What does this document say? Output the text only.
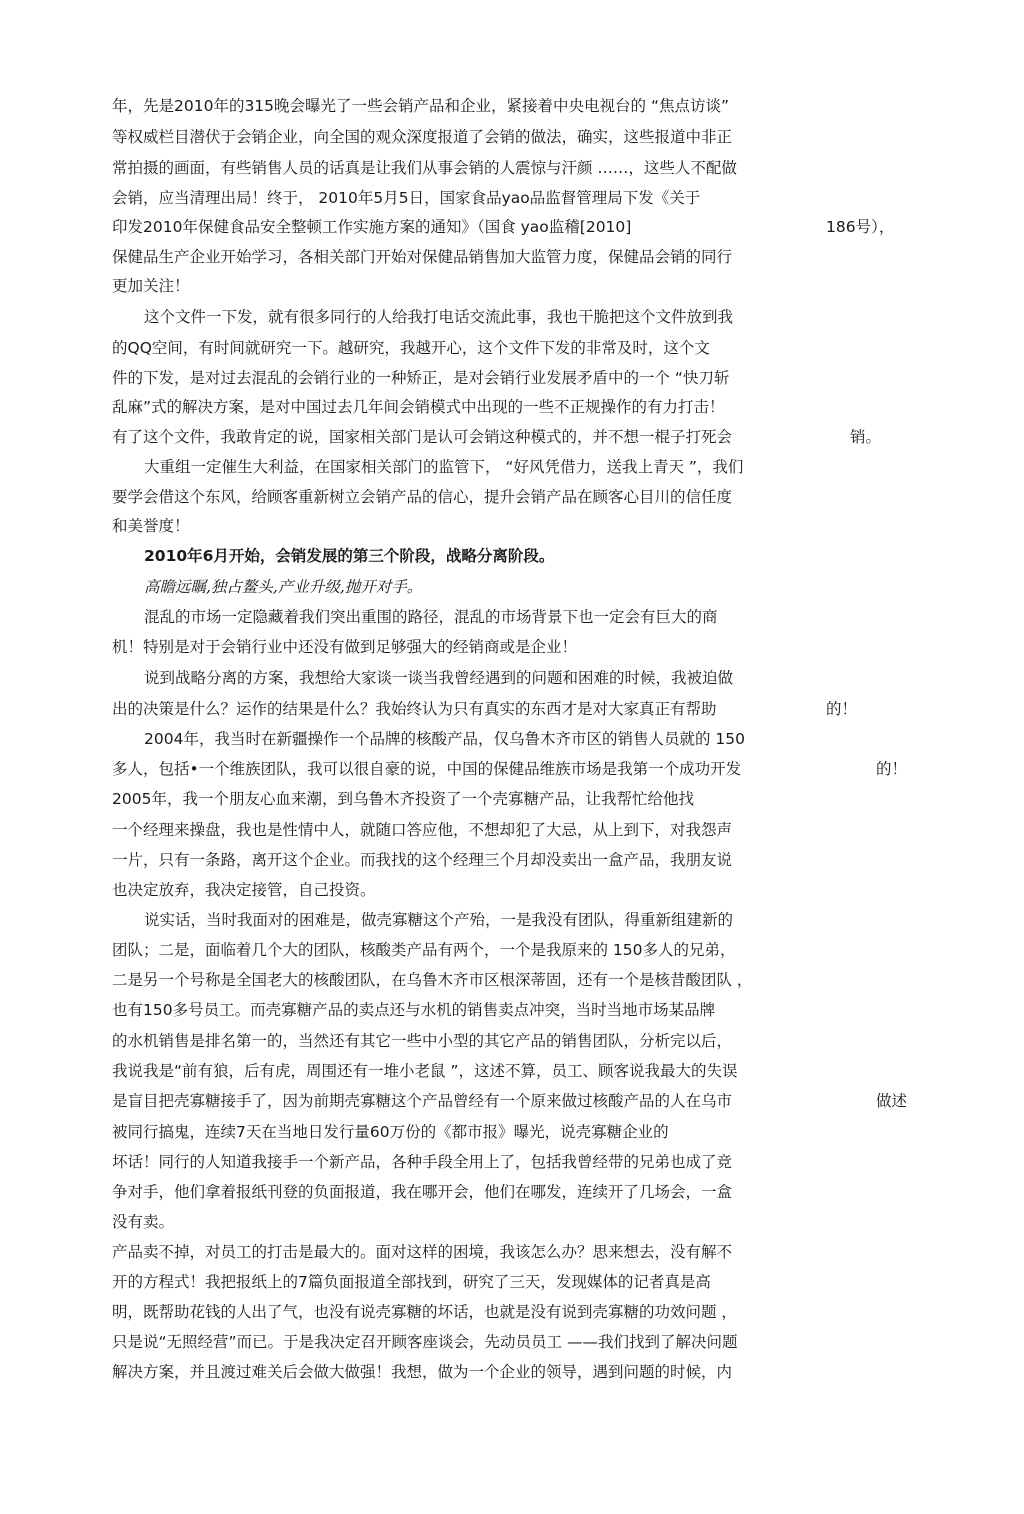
年，先是2010年的315晚会曝光了一些会销产品和企业，紧接着中央电视台的 “焦点访谈”
等权威栏目潜伏于会销企业，向全国的观众深度报道了会销的做法，确实，这些报道中非正
常拍摄的画面，有些销售人员的话真是让我们从事会销的人震惊与汗颜 ……，这些人不配做
会销，应当清理出局！终于， 2010年5月5日，国家食品yao品监督管理局下发《关于
印发2010年保健食品安全整顿工作实施方案的通知》（国食 yao监稽[2010]	186号），
保健品生产企业开始学习，各相关部门开始对保健品销售加大监管力度，保健品会销的同行
更加关注！
这个文件一下发，就有很多同行的人给我打电话交流此事，我也干脆把这个文件放到我
的QQ空间，有时间就研究一下。越研究，我越开心，这个文件下发的非常及时，这个文
件的下发，是对过去混乱的会销行业的一种矫正，是对会销行业发展矛盾中的一个 “快刀斩
乱麻”式的解决方案，是对中国过去几年间会销模式中出现的一些不正规操作的有力打击！
有了这个文件，我敢肯定的说，国家相关部门是认可会销这种模式的，并不想一棍子打死会	销。
大重组一定催生大利益，在国家相关部门的监管下， “好风凭借力，送我上青天 ”，我们
要学会借这个东风，给顾客重新树立会销产品的信心，提升会销产品在顾客心目川的信任度
和美誉度！
2010年6月开始，会销发展的第三个阶段，战略分离阶段。
高瞻远瞩,独占鳌头,产业升级,抛开对手。
混乱的市场一定隐藏着我们突出重围的路径，混乱的市场背景下也一定会有巨大的商
机！特别是对于会销行业中还没有做到足够强大的经销商或是企业！
说到战略分离的方案，我想给大家谈一谈当我曾经遇到的问题和困难的时候，我被迫做
出的决策是什么？运作的结果是什么？我始终认为只有真实的东西才是对大家真正有帮助	的！
2004年，我当时在新疆操作一个品牌的核酸产品，仅乌鲁木齐市区的销售人员就的 150
多人，包括•一个维族团队，我可以很自豪的说，中国的保健品维族市场是我第一个成功开发	的！
2005年，我一个朋友心血来潮，到乌鲁木齐投资了一个壳寡糖产品，让我帮忙给他找
一个经理来操盘，我也是性情中人，就随口答应他，不想却犯了大忌，从上到下，对我怨声
一片，只有一条路，离开这个企业。而我找的这个经理三个月却没卖出一盒产品，我朋友说
也决定放弃，我决定接管，自己投资。
说实话，当时我面对的困难是，做壳寡糖这个产殆，一是我没有团队，得重新组建新的
团队；二是，面临着几个大的团队，核酸类产品有两个，一个是我原来的 150多人的兄弟，
二是另一个号称是全国老大的核酸团队，在乌鲁木齐市区根深蒂固，还有一个是核昔酸团队 ，
也有150多号员工。而壳寡糖产品的卖点还与水机的销售卖点冲突，当时当地市场某品牌
的水机销售是排名第一的，当然还有其它一些中小型的其它产品的销售团队，分析完以后，
我说我是“前有狼，后有虎，周围还有一堆小老鼠 ”，这述不算，员工、顾客说我最大的失误
是盲目把壳寡糖接手了，因为前期壳寡糖这个产品曾经有一个原来做过核酸产品的人在乌市	做述
被同行搞鬼，连续7天在当地日发行量60万份的《都市报》曝光，说壳寡糖企业的
坏话！同行的人知道我接手一个新产品，各种手段全用上了，包括我曾经带的兄弟也成了竞
争对手，他们拿着报纸刊登的负面报道，我在哪开会，他们在哪发，连续开了几场会，一盒
没有卖。
产品卖不掉，对员工的打击是最大的。面对这样的困境，我该怎么办？思来想去，没有解不
开的方程式！我把报纸上的7篇负面报道全部找到，研究了三天，发现媒体的记者真是高
明，既帮助花钱的人出了气，也没有说壳寡糖的坏话，也就是没有说到壳寡糖的功效问题 ，
只是说“无照经营”而已。于是我决定召开顾客座谈会，先动员员工 ——我们找到了解决问题
解决方案，并且渡过难关后会做大做强！我想，做为一个企业的领导，遇到问题的时候，内
